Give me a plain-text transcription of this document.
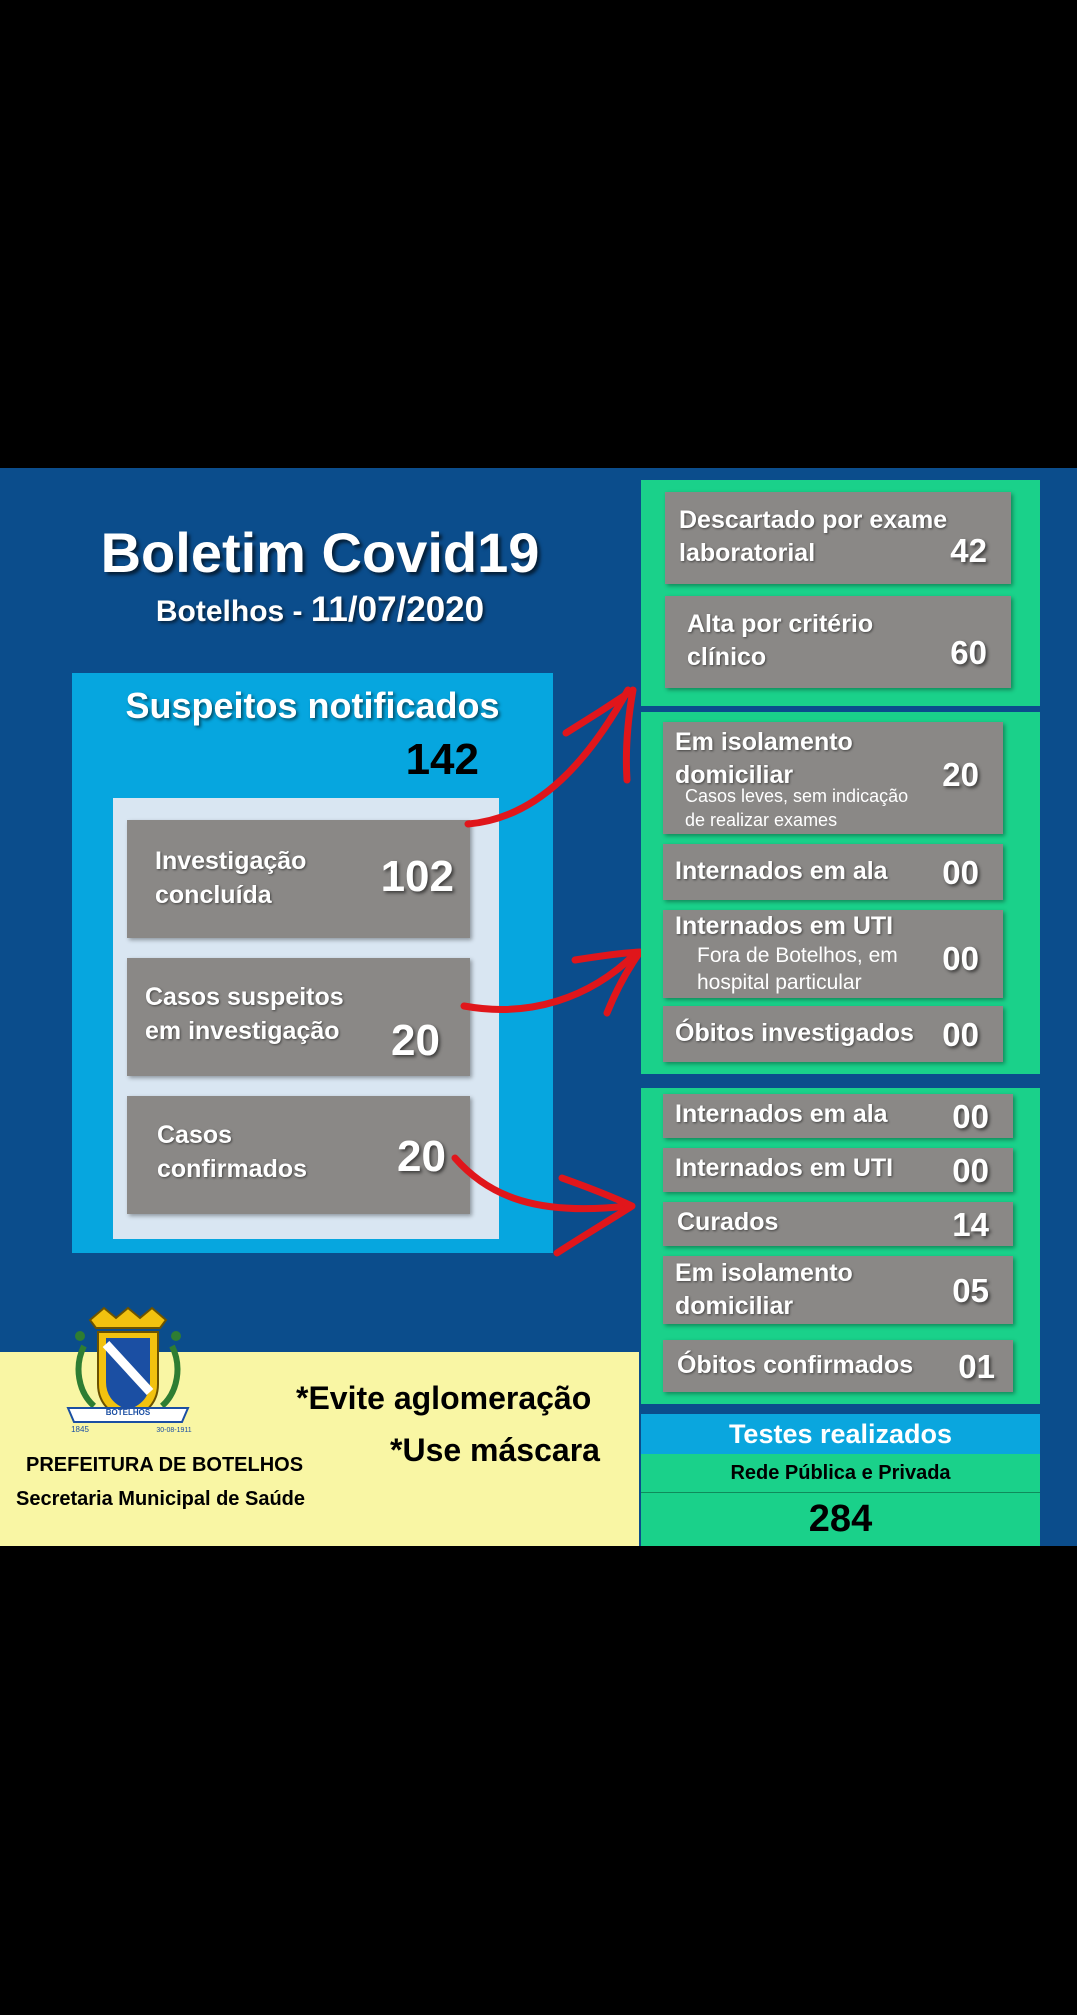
Boletim Covid19
Botelhos - 11/07/2020
Suspeitos notificados
142
Investigação
concluída	102
Casos suspeitos
em investigação 20
Casos
confirmados 20
Descartado por exame
laboratorial	42
Alta por critério
clínico	60
Em isolamento
domiciliar
Casos leves, sem indicação
de realizar exames
20
Internados em ala 00
Internados em UTI
Fora de Botelhos, em
hospital particular
00
Óbitos investigados 00
Internados em ala 00
Internados em UTI 00
Curados	14
Em isolamento
domiciliar	05
Óbitos confirmados 01
*Evite aglomeração
*Use máscara
PREFEITURA DE BOTELHOS
Secretaria Municipal de Saúde
BOTELHOS
1845	30-08-1911	Testes realizados
Rede Pública e Privada
284
